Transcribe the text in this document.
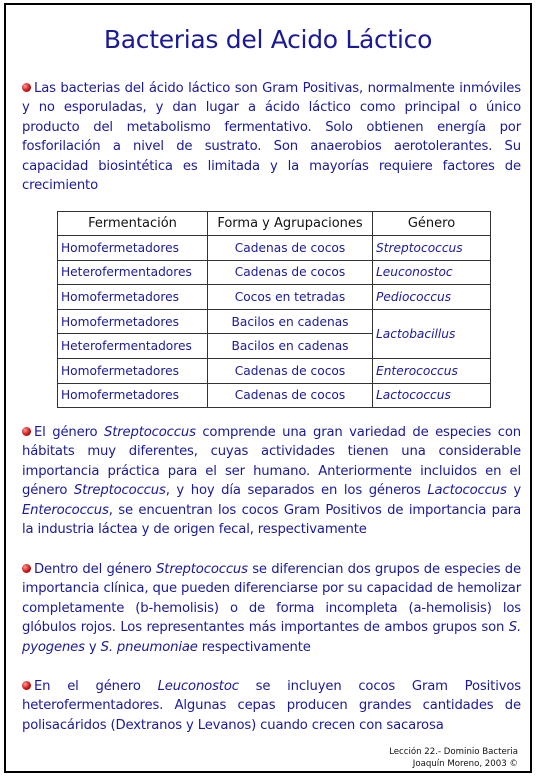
Bacterias del Acido Láctico
Las bacterias del ácido láctico son Gram Positivas, normalmente inmóviles y no esporuladas, y dan lugar a ácido láctico como principal o único producto del metabolismo fermentativo. Solo obtienen energía por fosforilación a nivel de sustrato. Son anaerobios aerotolerantes. Su capacidad biosintética es limitada y la mayorías requiere factores de crecimiento
Fermentación	Forma y Agrupaciones	Género
Homofermetadores	Cadenas de cocos	Streptococcus
Heterofermentadores	Cadenas de cocos	Leuconostoc
Homofermetadores	Cocos en tetradas	Pediococcus
Homofermetadores	Bacilos en cadenas	Lactobacillus
Heterofermentadores	Bacilos en cadenas	
Homofermetadores	Cadenas de cocos	Enterococcus
Homofermetadores	Cadenas de cocos	Lactococcus
El género Streptococcus comprende una gran variedad de especies con hábitats muy diferentes, cuyas actividades tienen una considerable importancia práctica para el ser humano. Anteriormente incluidos en el género Streptococcus, y hoy día separados en los géneros Lactococcus y Enterococcus, se encuentran los cocos Gram Positivos de importancia para la industria láctea y de origen fecal, respectivamente
Dentro del género Streptococcus se diferencian dos grupos de especies de importancia clínica, que pueden diferenciarse por su capacidad de hemolizar completamente (b-hemolisis) o de forma incompleta (a-hemolisis) los glóbulos rojos. Los representantes más importantes de ambos grupos son S. pyogenes y S. pneumoniae respectivamente
En el género Leuconostoc se incluyen cocos Gram Positivos heterofermentadores. Algunas cepas producen grandes cantidades de polisacáridos (Dextranos y Levanos) cuando crecen con sacarosa
Lección 22.- Dominio Bacteria
Joaquín Moreno, 2003 ©
